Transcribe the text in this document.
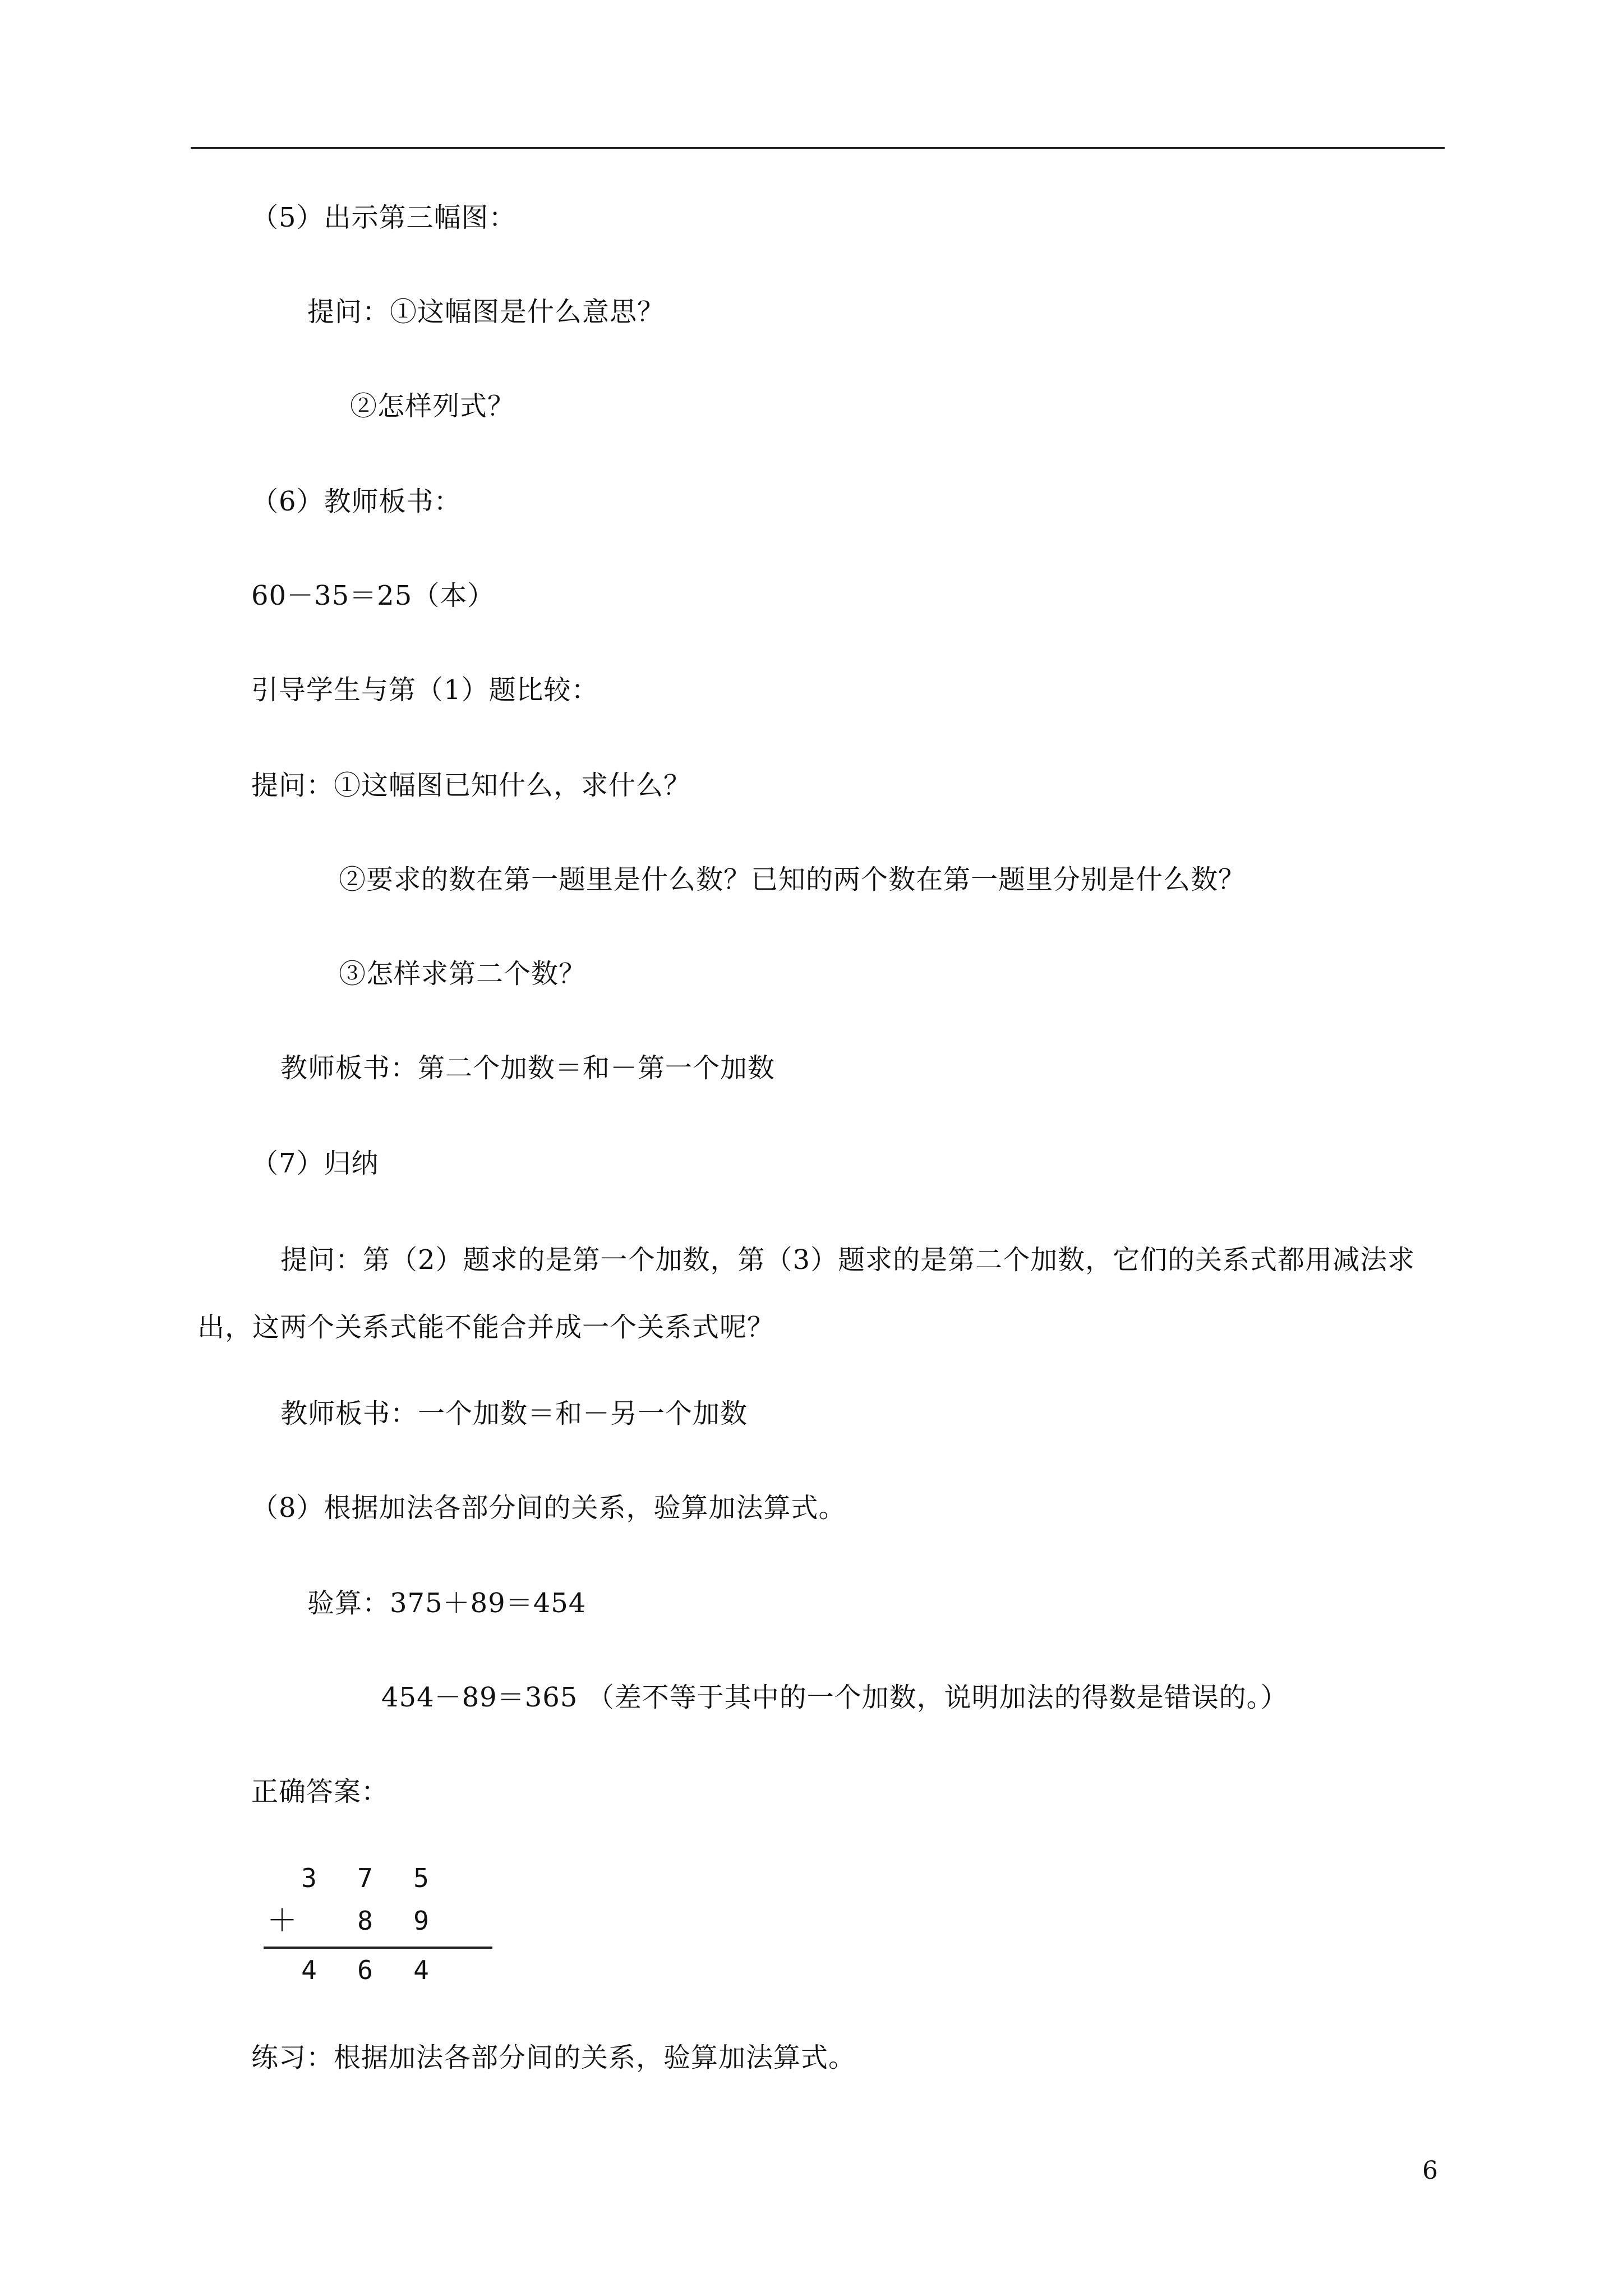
（5）出示第三幅图：
提问：①这幅图是什么意思？
②怎样列式？
（6）教师板书：
60－35＝25（本）
引导学生与第（1）题比较：
提问：①这幅图已知什么，求什么？
②要求的数在第一题里是什么数？已知的两个数在第一题里分别是什么数？
③怎样求第二个数？
教师板书：第二个加数＝和－第一个加数
（7）归纳
提问：第（2）题求的是第一个加数，第（3）题求的是第二个加数，它们的关系式都用减法求出，这两个关系式能不能合并成一个关系式呢？
教师板书：一个加数＝和－另一个加数
（8）根据加法各部分间的关系，验算加法算式。
验算：375＋89＝454
454－89＝365 （差不等于其中的一个加数，说明加法的得数是错误的。）
正确答案：
3 7 5
＋ 8 9
4 6 4
练习：根据加法各部分间的关系，验算加法算式。
6
